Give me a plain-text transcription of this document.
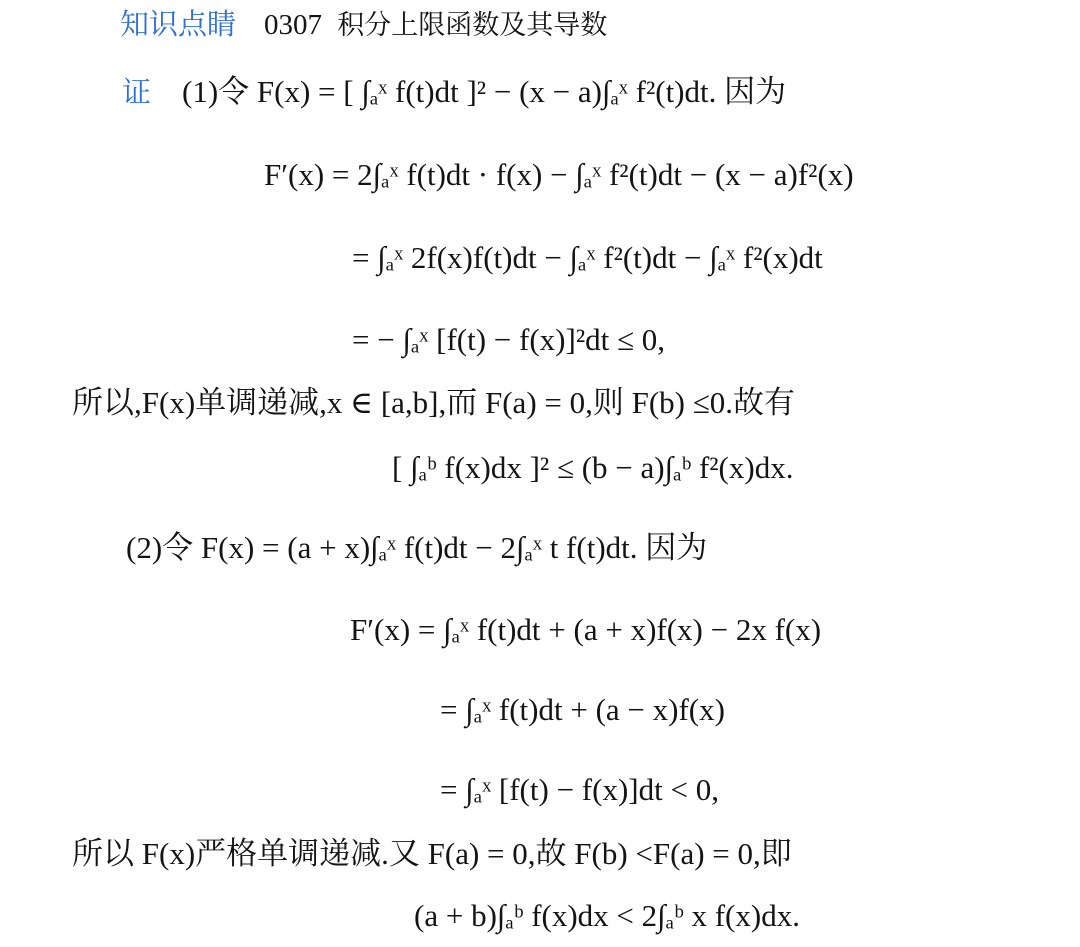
知识点睛 0307 积分上限函数及其导数
证 (1)令 F(x) = [ ∫ₐˣ f(t)dt ]² − (x − a)∫ₐˣ f²(t)dt. 因为
F′(x) = 2∫ₐˣ f(t)dt · f(x) − ∫ₐˣ f²(t)dt − (x − a)f²(x)
= ∫ₐˣ 2f(x)f(t)dt − ∫ₐˣ f²(t)dt − ∫ₐˣ f²(x)dt
= − ∫ₐˣ [f(t) − f(x)]²dt ≤ 0,
所以,F(x)单调递减,x ∈ [a,b],而 F(a) = 0,则 F(b) ≤0.故有
[ ∫ₐᵇ f(x)dx ]² ≤ (b − a)∫ₐᵇ f²(x)dx.
(2)令 F(x) = (a + x)∫ₐˣ f(t)dt − 2∫ₐˣ t f(t)dt. 因为
F′(x) = ∫ₐˣ f(t)dt + (a + x)f(x) − 2x f(x)
= ∫ₐˣ f(t)dt + (a − x)f(x)
= ∫ₐˣ [f(t) − f(x)]dt < 0,
所以 F(x)严格单调递减.又 F(a) = 0,故 F(b) <F(a) = 0,即
(a + b)∫ₐᵇ f(x)dx < 2∫ₐᵇ x f(x)dx.
